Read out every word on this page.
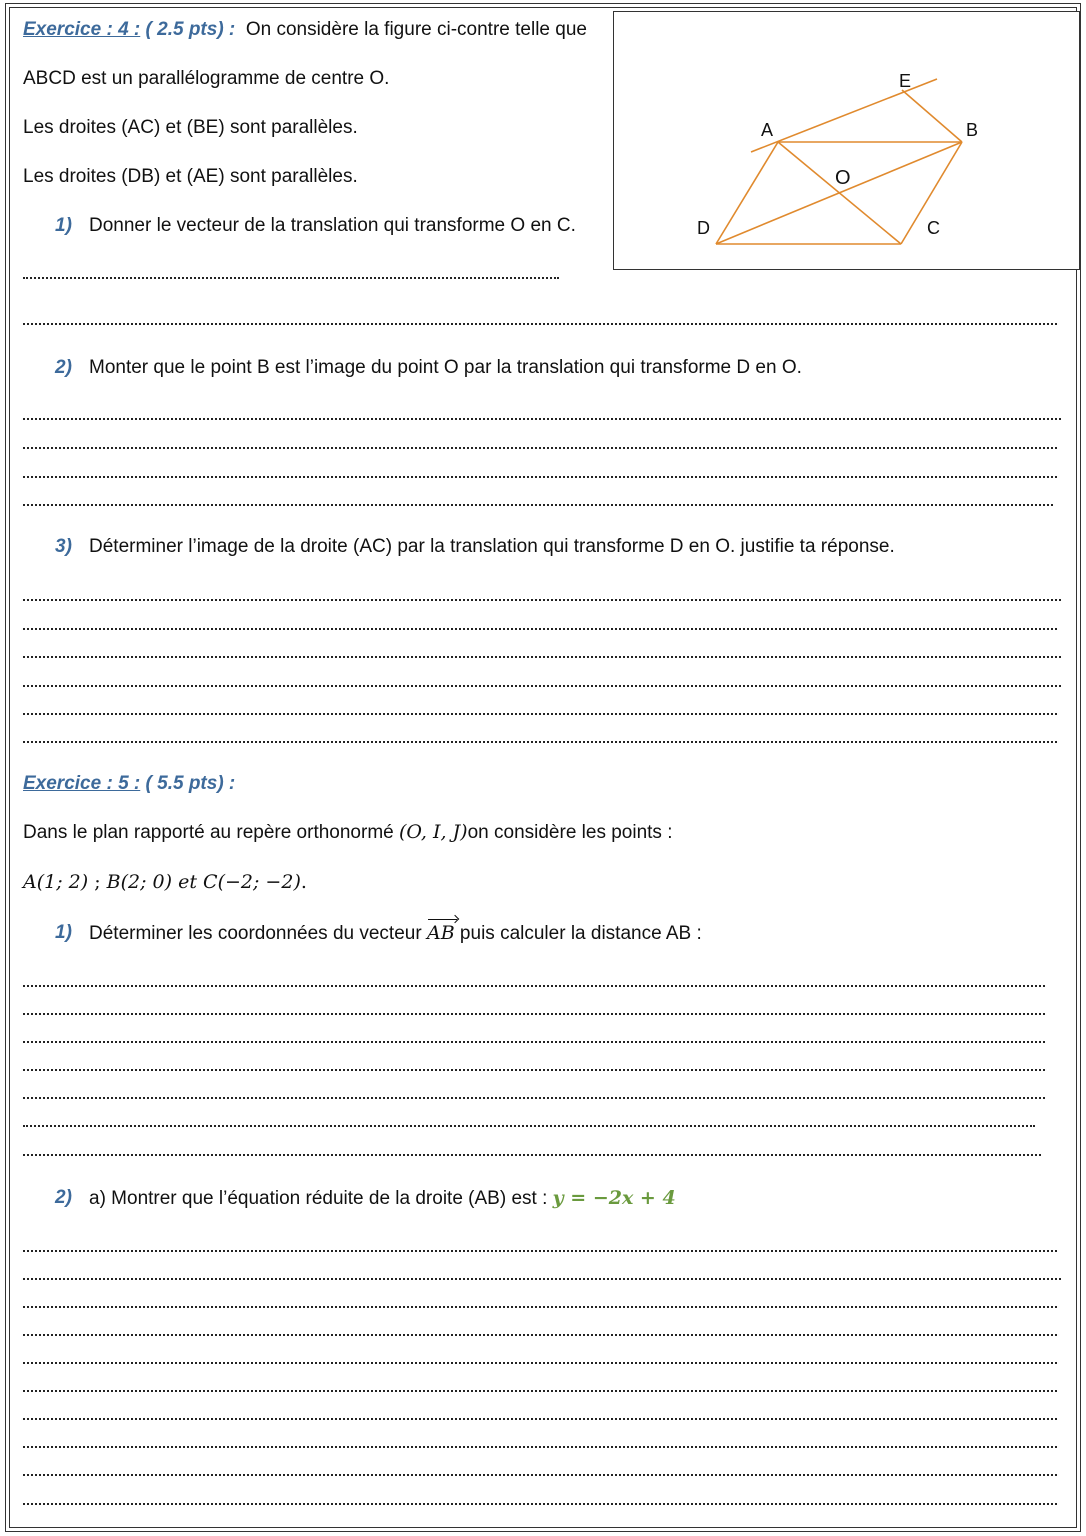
Exercice : 4 : ( 2.5 pts) : On considère la figure ci-contre telle que
ABCD est un parallélogramme de centre O.
Les droites (AC) et (BE) sont parallèles.
Les droites (DB) et (AE) sont parallèles.
A	B
C
D
E
O
1) Donner le vecteur de la translation qui transforme O en C.
2) Monter que le point B est l’image du point O par la translation qui transforme D en O.
3) Déterminer l’image de la droite (AC) par la translation qui transforme D en O. justifie ta réponse.
Exercice : 5 : ( 5.5 pts) :
Dans le plan rapporté au repère orthonormé (O, I, J)on considère les points :
A(1; 2) ; B(2; 0) et C(−2; −2).
1) Déterminer les coordonnées du vecteur AB puis calculer la distance AB :
2) a) Montrer que l’équation réduite de la droite (AB) est : y = −2x + 4
